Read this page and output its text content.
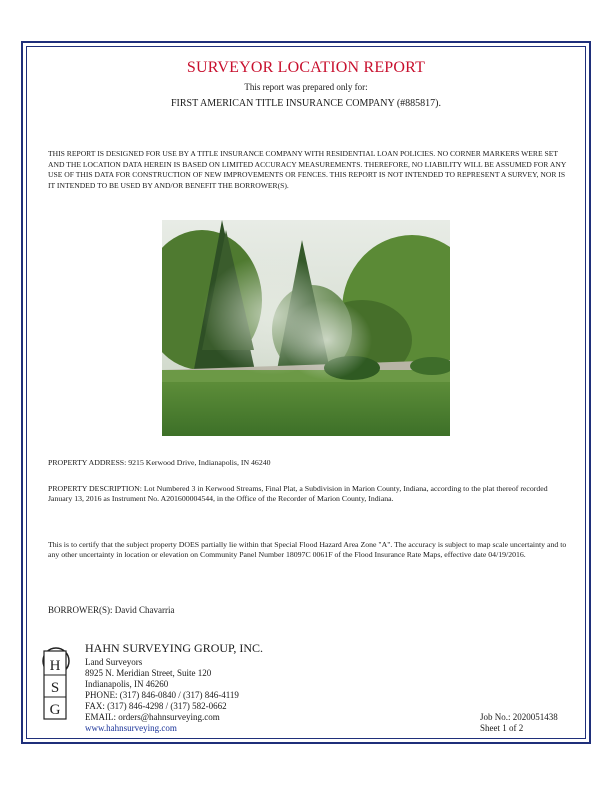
SURVEYOR LOCATION REPORT
This report was prepared only for:
FIRST AMERICAN TITLE INSURANCE COMPANY (#885817).
THIS REPORT IS DESIGNED FOR USE BY A TITLE INSURANCE COMPANY WITH RESIDENTIAL LOAN POLICIES. NO CORNER MARKERS WERE SET AND THE LOCATION DATA HEREIN IS BASED ON LIMITED ACCURACY MEASUREMENTS. THEREFORE, NO LIABILITY WILL BE ASSUMED FOR ANY USE OF THIS DATA FOR CONSTRUCTION OF NEW IMPROVEMENTS OR FENCES. THIS REPORT IS NOT INTENDED TO REPRESENT A SURVEY, NOR IS IT INTENDED TO BE USED BY AND/OR BENEFIT THE BORROWER(S).
PROPERTY ADDRESS: 9215 Kerwood Drive, Indianapolis, IN 46240
PROPERTY DESCRIPTION: Lot Numbered 3 in Kerwood Streams, Final Plat, a Subdivision in Marion County, Indiana, according to the plat thereof recorded January 13, 2016 as Instrument No. A201600004544, in the Office of the Recorder of Marion County, Indiana.
This is to certify that the subject property DOES partially lie within that Special Flood Hazard Area Zone "A". The accuracy is subject to map scale uncertainty and to any other uncertainty in location or elevation on Community Panel Number 18097C 0061F of the Flood Insurance Rate Maps, effective date 04/19/2016.
BORROWER(S): David Chavarria
H
S
G
HAHN SURVEYING GROUP, INC.
Land Surveyors
8925 N. Meridian Street, Suite 120
Indianapolis, IN 46260
PHONE: (317) 846-0840 / (317) 846-4119
FAX: (317) 846-4298 / (317) 582-0662
EMAIL: orders@hahnsurveying.com
www.hahnsurveying.com
Job No.: 2020051438
Sheet 1 of 2
